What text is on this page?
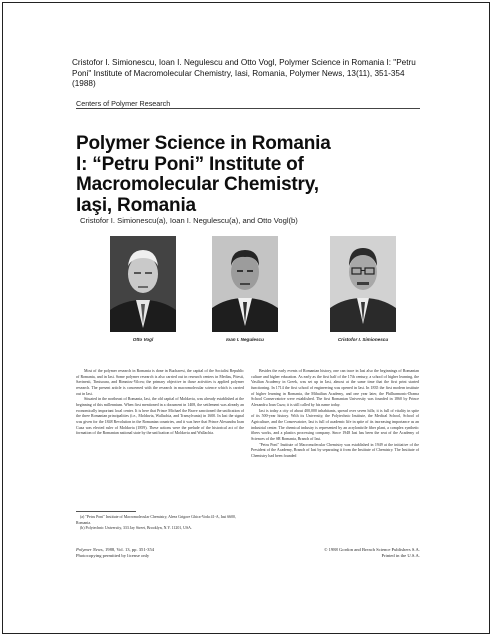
Cristofor I. Simionescu, Ioan I. Negulescu and Otto Vogl, Polymer Science in Romania I: "Petru Poni" Institute of Macromolecular Chemistry, Iasi, Romania, Polymer News, 13(11), 351-354 (1988)
Centers of Polymer Research
Polymer Science in Romania
I: “Petru Poni” Institute of
Macromolecular Chemistry,
Iaşi, Romania
Cristofor I. Simionescu(a), Ioan I. Negulescu(a), and Otto Vogl(b)
Otto Vogl	Ioan I. Negulescu	Cristofor I. Simionescu

Most of the polymer research in Romania is done in Bucharest, the capital of the Socialist Republic of Romania, and in Iasi. Some polymer research is also carried out in research centers in Medias, Pitesti, Savinesti, Timisoara, and Rimnicu-Vilcea; the primary objective in those activities is applied polymer research. The present article is concerned with the research in macromolecular science which is carried out in Iasi.

Situated in the northeast of Romania, Iasi, the old capital of Moldavia, was already established at the beginning of this millennium. When first mentioned in a document in 1408, the settlement was already an economically important local center. It is here that Prince Michael the Brave sanctioned the unification of the three Romanian principalities (i.e., Moldavia, Wallachia, and Transylvania) in 1600. In Iasi the signal was given for the 1848 Revolution in the Romanian countries, and it was here that Prince Alexandru Ioan Cuza was elected ruler of Moldavia (1859). These actions were the prelude of the historical act of the formation of the Romanian national state by the unification of Moldavia and Wallachia.

Besides the early events of Romanian history, one can trace in Iasi also the beginnings of Romanian culture and higher education. As early as the first half of the 17th century, a school of higher learning, the Vasilian Academy in Greek, was set up in Iasi, almost at the same time that the first print started functioning. In 1714 the first school of engineering was opened in Iasi. In 1835 the first modern institute of higher learning in Romania, the Mihailian Academy, and one year later, the Philharmonic-Drama School Conservatoire were established. The first Romanian University was founded in 1860 by Prince Alexandru Ioan Cuza; it is still called by his name today.

Iasi is today a city of about 400,000 inhabitants, spread over seven hills; it is full of vitality in spite of its 500-year history. With its University, the Polytechnic Institute, the Medical School, School of Agriculture, and the Conservatoire, Iasi is full of academic life in spite of its increasing importance as an industrial center. The chemical industry is represented by an acrylonitrile fiber plant, a complex synthetic fibers works, and a plastics processing company. Since 1948 Iasi has been the seat of the Academy of Sciences of the SR Romania, Branch of Iasi.

"Petru Poni" Institute of Macromolecular Chemistry was established in 1949 at the initiative of the President of the Academy, Branch of Iasi by separating it from the Institute of Chemistry. The Institute of Chemistry had been founded

(a) "Petru Poni" Institute of Macromolecular Chemistry, Aleea Grigore Ghica-Voda 41-A, Iasi 6600, Romania.

(b) Polytechnic University, 333 Jay Street, Brooklyn, N.Y. 11201, USA.

Polymer News, 1988, Vol. 13, pp. 351-354
Photocopying permitted by license only
© 1988 Gordon and Breach Science Publishers S.A.
Printed in the U.S.A.
